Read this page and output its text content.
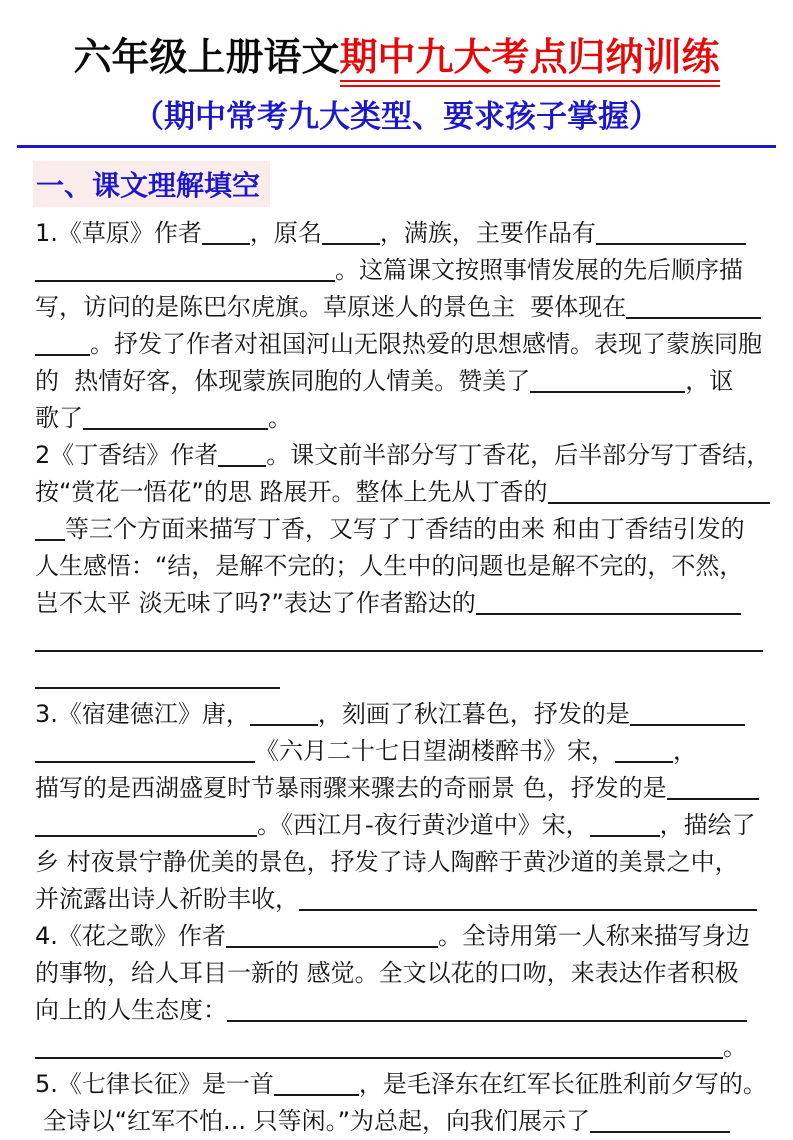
六年级上册语文期中九大考点归纳训练
（期中常考九大类型、要求孩子掌握）
一、课文理解填空
1.《草原》作者 ，原名 ，满族，主要作品有
。这篇课文按照事情发展的先后顺序描
写，访问的是陈巴尔虎旗。草原迷人的景色主  要体现在
。抒发了作者对祖国河山无限热爱的思想感情。表现了蒙族同胞
的  热情好客，体现蒙族同胞的人情美。赞美了	，讴
歌了	。
2《丁香结》作者 。课文前半部分写丁香花，后半部分写丁香结，
按“赏花一悟花”的思 路展开。整体上先从丁香的
等三个方面来描写丁香，又写了丁香结的由来 和由丁香结引发的
人生感悟：“结，是解不完的；人生中的问题也是解不完的，不然，
岂不太平 淡无味了吗?”表达了作者豁达的
3.《宿建德江》唐，	，刻画了秋江暮色，抒发的是
《六月二十七日望湖楼醉书》宋， ，
描写的是西湖盛夏时节暴雨骤来骤去的奇丽景 色，抒发的是
。《西江月-夜行黄沙道中》宋，	，描绘了
乡 村夜景宁静优美的景色，抒发了诗人陶醉于黄沙道的美景之中，
并流露出诗人祈盼丰收，
4.《花之歌》作者	。全诗用第一人称来描写身边
的事物，给人耳目一新的 感觉。全文以花的口吻，来表达作者积极
向上的人生态度：
。
5.《七律长征》是一首	，是毛泽东在红军长征胜利前夕写的。
全诗以“红军不怕... 只等闲。”为总起，向我们展示了
